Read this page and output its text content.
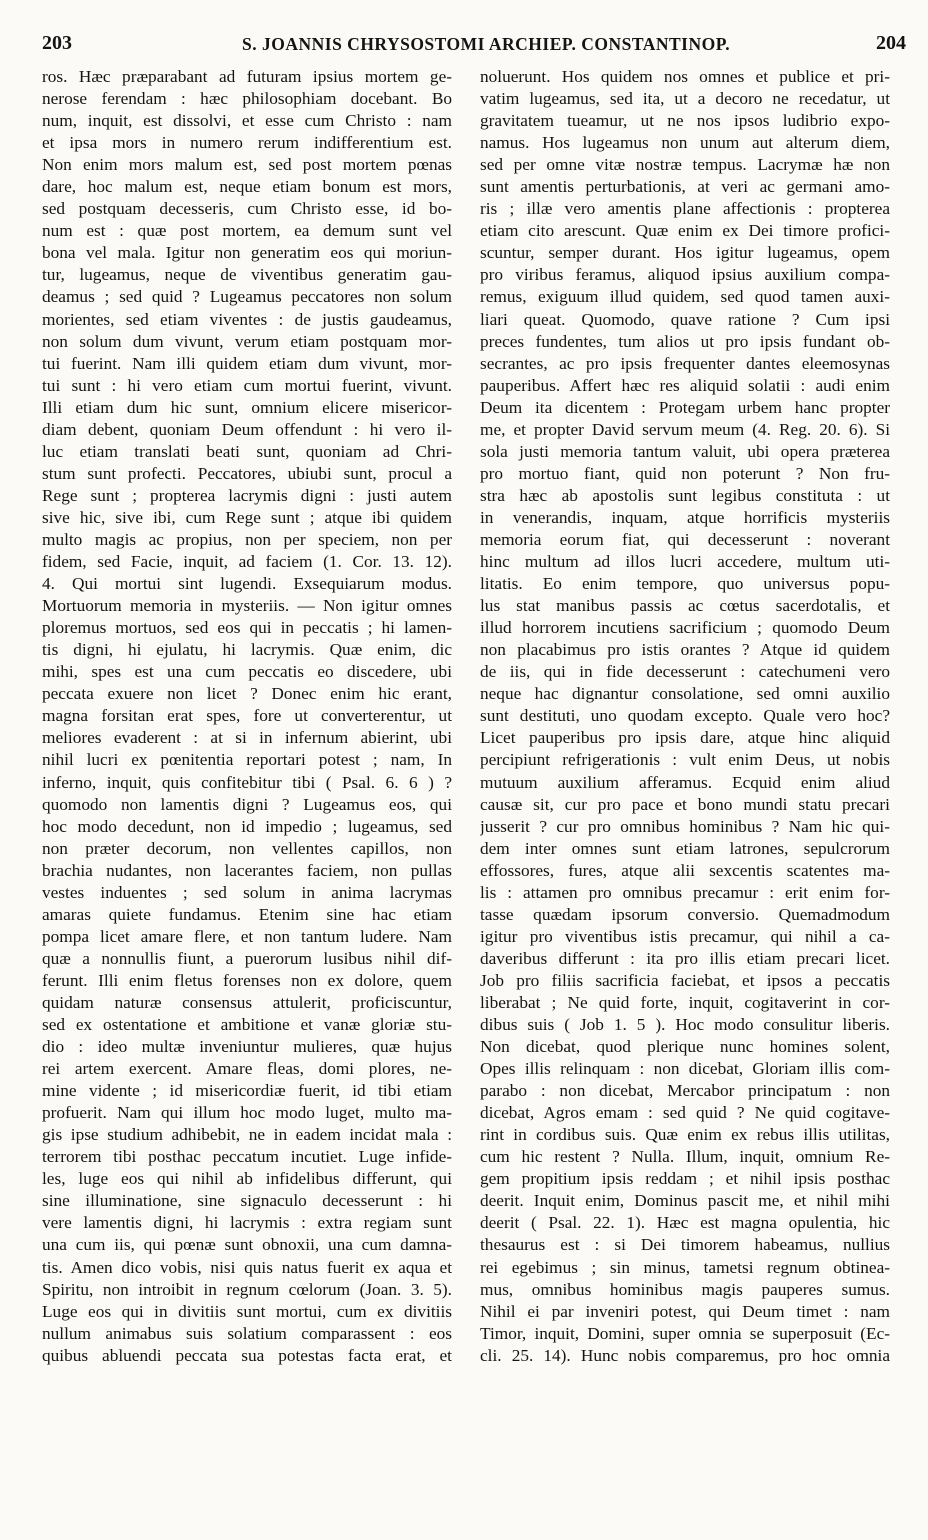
203	S. JOANNIS CHRYSOSTOMI ARCHIEP. CONSTANTINOP.	204
ros. Hæc præparabant ad futuram ipsius mortem ge-
nerose ferendam : hæc philosophiam docebant. Bo
num, inquit, est dissolvi, et esse cum Christo : nam
et ipsa mors in numero rerum indifferentium est.
Non enim mors malum est, sed post mortem pœnas
dare, hoc malum est, neque etiam bonum est mors,
sed postquam decesseris, cum Christo esse, id bo-
num est : quæ post mortem, ea demum sunt vel
bona vel mala. Igitur non generatim eos qui moriun-
tur, lugeamus, neque de viventibus generatim gau-
deamus ; sed quid ? Lugeamus peccatores non solum
morientes, sed etiam viventes : de justis gaudeamus,
non solum dum vivunt, verum etiam postquam mor-
tui fuerint. Nam illi quidem etiam dum vivunt, mor-
tui sunt : hi vero etiam cum mortui fuerint, vivunt.
Illi etiam dum hic sunt, omnium elicere misericor-
diam debent, quoniam Deum offendunt : hi vero il-
luc etiam translati beati sunt, quoniam ad Chri-
stum sunt profecti. Peccatores, ubiubi sunt, procul a
Rege sunt ; propterea lacrymis digni : justi autem
sive hic, sive ibi, cum Rege sunt ; atque ibi quidem
multo magis ac propius, non per speciem, non per
fidem, sed Facie, inquit, ad faciem (1. Cor. 13. 12).
4. Qui mortui sint lugendi. Exsequiarum modus.
Mortuorum memoria in mysteriis. — Non igitur omnes
ploremus mortuos, sed eos qui in peccatis ; hi lamen-
tis digni, hi ejulatu, hi lacrymis. Quæ enim, dic
mihi, spes est una cum peccatis eo discedere, ubi
peccata exuere non licet ? Donec enim hic erant,
magna forsitan erat spes, fore ut converterentur, ut
meliores evaderent : at si in infernum abierint, ubi
nihil lucri ex pœnitentia reportari potest ; nam, In
inferno, inquit, quis confitebitur tibi ( Psal. 6. 6 ) ?
quomodo non lamentis digni ? Lugeamus eos, qui
hoc modo decedunt, non id impedio ; lugeamus, sed
non præter decorum, non vellentes capillos, non
brachia nudantes, non lacerantes faciem, non pullas
vestes induentes ; sed solum in anima lacrymas
amaras quiete fundamus. Etenim sine hac etiam
pompa licet amare flere, et non tantum ludere. Nam
quæ a nonnullis fiunt, a puerorum lusibus nihil dif-
ferunt. Illi enim fletus forenses non ex dolore, quem
quidam naturæ consensus attulerit, proficiscuntur,
sed ex ostentatione et ambitione et vanæ gloriæ stu-
dio : ideo multæ inveniuntur mulieres, quæ hujus
rei artem exercent. Amare fleas, domi plores, ne-
mine vidente ; id misericordiæ fuerit, id tibi etiam
profuerit. Nam qui illum hoc modo luget, multo ma-
gis ipse studium adhibebit, ne in eadem incidat mala :
terrorem tibi posthac peccatum incutiet. Luge infide-
les, luge eos qui nihil ab infidelibus differunt, qui
sine illuminatione, sine signaculo decesserunt : hi
vere lamentis digni, hi lacrymis : extra regiam sunt
una cum iis, qui pœnæ sunt obnoxii, una cum damna-
tis. Amen dico vobis, nisi quis natus fuerit ex aqua et
Spiritu, non introibit in regnum cœlorum (Joan. 3. 5).
Luge eos qui in divitiis sunt mortui, cum ex divitiis
nullum animabus suis solatium comparassent : eos
quibus abluendi peccata sua potestas facta erat, et
noluerunt. Hos quidem nos omnes et publice et pri-
vatim lugeamus, sed ita, ut a decoro ne recedatur, ut
gravitatem tueamur, ut ne nos ipsos ludibrio expo-
namus. Hos lugeamus non unum aut alterum diem,
sed per omne vitæ nostræ tempus. Lacrymæ hæ non
sunt amentis perturbationis, at veri ac germani amo-
ris ; illæ vero amentis plane affectionis : propterea
etiam cito arescunt. Quæ enim ex Dei timore profici-
scuntur, semper durant. Hos igitur lugeamus, opem
pro viribus feramus, aliquod ipsius auxilium compa-
remus, exiguum illud quidem, sed quod tamen auxi-
liari queat. Quomodo, quave ratione ? Cum ipsi
preces fundentes, tum alios ut pro ipsis fundant ob-
secrantes, ac pro ipsis frequenter dantes eleemosynas
pauperibus. Affert hæc res aliquid solatii : audi enim
Deum ita dicentem : Protegam urbem hanc propter
me, et propter David servum meum (4. Reg. 20. 6). Si
sola justi memoria tantum valuit, ubi opera præterea
pro mortuo fiant, quid non poterunt ? Non fru-
stra hæc ab apostolis sunt legibus constituta : ut
in venerandis, inquam, atque horrificis mysteriis
memoria eorum fiat, qui decesserunt : noverant
hinc multum ad illos lucri accedere, multum uti-
litatis. Eo enim tempore, quo universus popu-
lus stat manibus passis ac cœtus sacerdotalis, et
illud horrorem incutiens sacrificium ; quomodo Deum
non placabimus pro istis orantes ? Atque id quidem
de iis, qui in fide decesserunt : catechumeni vero
neque hac dignantur consolatione, sed omni auxilio
sunt destituti, uno quodam excepto. Quale vero hoc?
Licet pauperibus pro ipsis dare, atque hinc aliquid
percipiunt refrigerationis : vult enim Deus, ut nobis
mutuum auxilium afferamus. Ecquid enim aliud
causæ sit, cur pro pace et bono mundi statu precari
jusserit ? cur pro omnibus hominibus ? Nam hic qui-
dem inter omnes sunt etiam latrones, sepulcrorum
effossores, fures, atque alii sexcentis scatentes ma-
lis : attamen pro omnibus precamur : erit enim for-
tasse quædam ipsorum conversio. Quemadmodum
igitur pro viventibus istis precamur, qui nihil a ca-
daveribus differunt : ita pro illis etiam precari licet.
Job pro filiis sacrificia faciebat, et ipsos a peccatis
liberabat ; Ne quid forte, inquit, cogitaverint in cor-
dibus suis ( Job 1. 5 ). Hoc modo consulitur liberis.
Non dicebat, quod plerique nunc homines solent,
Opes illis relinquam : non dicebat, Gloriam illis com-
parabo : non dicebat, Mercabor principatum : non
dicebat, Agros emam : sed quid ? Ne quid cogitave-
rint in cordibus suis. Quæ enim ex rebus illis utilitas,
cum hic restent ? Nulla. Illum, inquit, omnium Re-
gem propitium ipsis reddam ; et nihil ipsis posthac
deerit. Inquit enim, Dominus pascit me, et nihil mihi
deerit ( Psal. 22. 1). Hæc est magna opulentia, hic
thesaurus est : si Dei timorem habeamus, nullius
rei egebimus ; sin minus, tametsi regnum obtinea-
mus, omnibus hominibus magis pauperes sumus.
Nihil ei par inveniri potest, qui Deum timet : nam
Timor, inquit, Domini, super omnia se superposuit (Ec-
cli. 25. 14). Hunc nobis comparemus, pro hoc omnia
